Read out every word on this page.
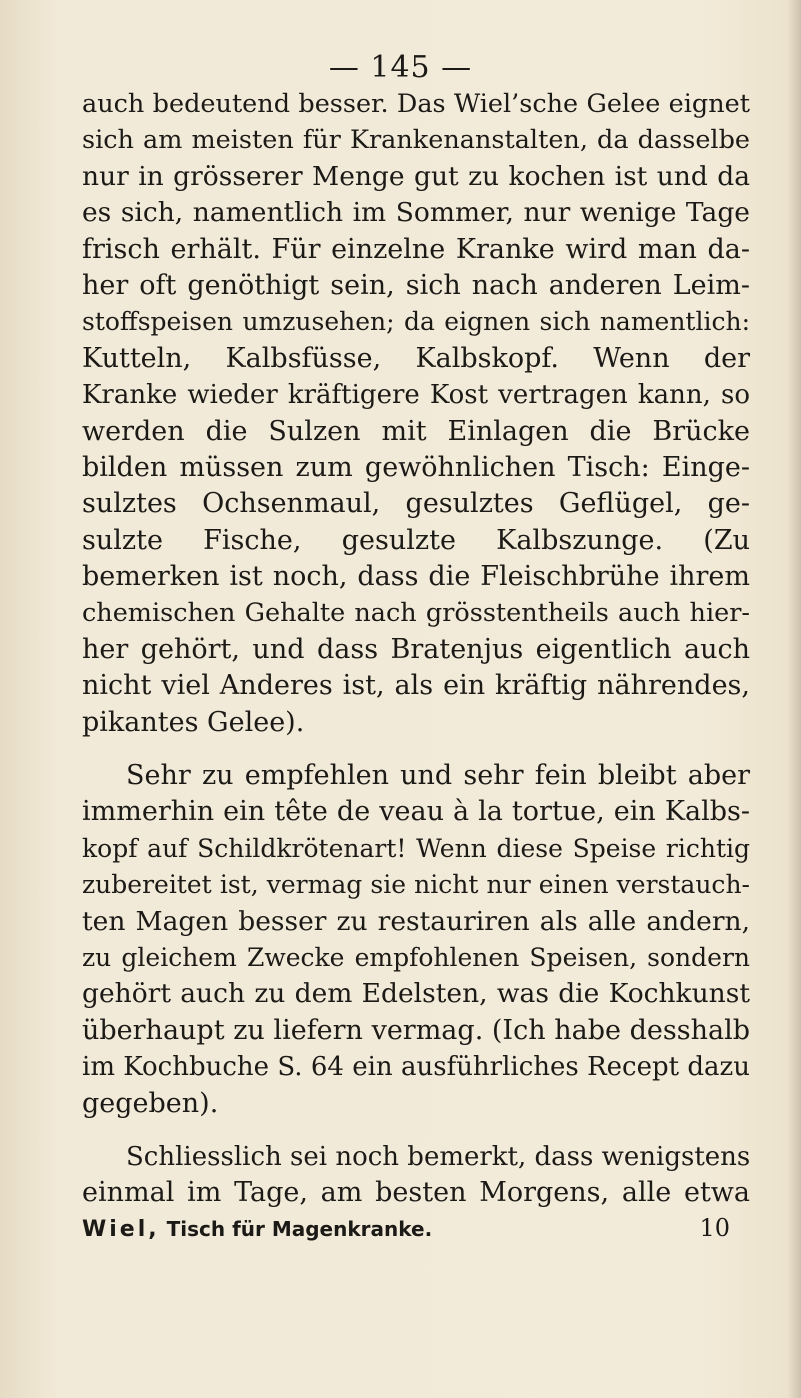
— 145 —
auch bedeutend besser. Das Wiel’sche Gelee eignet
sich am meisten für Krankenanstalten, da dasselbe
nur in grösserer Menge gut zu kochen ist und da
es sich, namentlich im Sommer, nur wenige Tage
frisch erhält. Für einzelne Kranke wird man da-
her oft genöthigt sein, sich nach anderen Leim-
stoffspeisen umzusehen; da eignen sich namentlich:
Kutteln, Kalbsfüsse, Kalbskopf. Wenn der
Kranke wieder kräftigere Kost vertragen kann, so
werden die Sulzen mit Einlagen die Brücke
bilden müssen zum gewöhnlichen Tisch: Einge-
sulztes Ochsenmaul, gesulztes Geflügel, ge-
sulzte Fische, gesulzte Kalbszunge. (Zu
bemerken ist noch, dass die Fleischbrühe ihrem
chemischen Gehalte nach grösstentheils auch hier-
her gehört, und dass Bratenjus eigentlich auch
nicht viel Anderes ist, als ein kräftig nährendes,
pikantes Gelee).
Sehr zu empfehlen und sehr fein bleibt aber
immerhin ein tête de veau à la tortue, ein Kalbs-
kopf auf Schildkrötenart! Wenn diese Speise richtig
zubereitet ist, vermag sie nicht nur einen verstauch-
ten Magen besser zu restauriren als alle andern,
zu gleichem Zwecke empfohlenen Speisen, sondern
gehört auch zu dem Edelsten, was die Kochkunst
überhaupt zu liefern vermag. (Ich habe desshalb
im Kochbuche S. 64 ein ausführliches Recept dazu
gegeben).
Schliesslich sei noch bemerkt, dass wenigstens
einmal im Tage, am besten Morgens, alle etwa
Wiel, Tisch für Magenkranke.	10
